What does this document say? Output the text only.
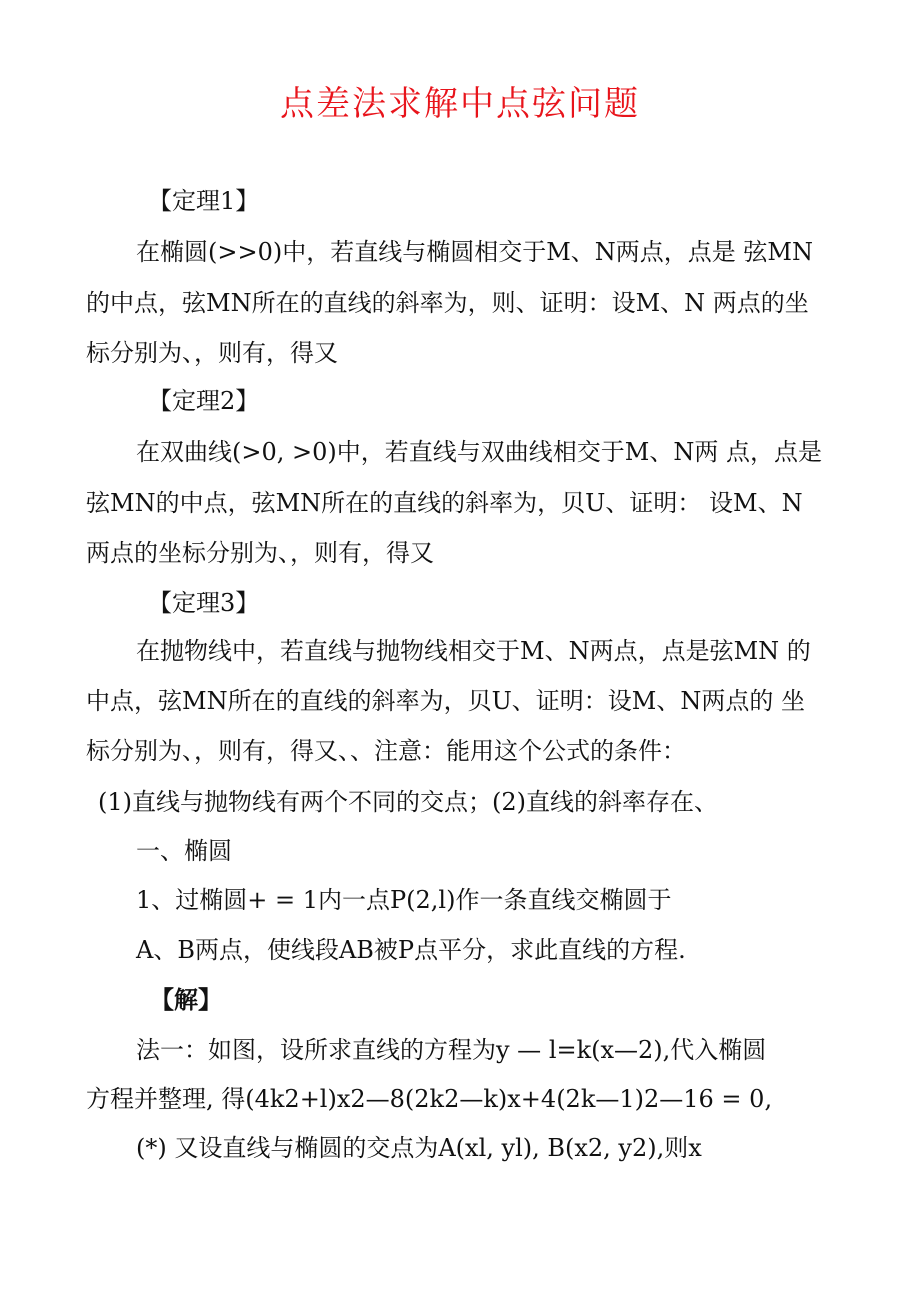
点差法求解中点弦问题
【定理1】
在椭圆(>>0)中，若直线与椭圆相交于M、N两点，点是 弦MN
的中点，弦MN所在的直线的斜率为，则、证明：设M、N 两点的坐
标分别为、，则有，得又
【定理2】
在双曲线(>0, >0)中，若直线与双曲线相交于M、N两 点，点是
弦MN的中点，弦MN所在的直线的斜率为，贝U、证明： 设M、N
两点的坐标分别为、，则有，得又
【定理3】
在抛物线中，若直线与抛物线相交于M、N两点，点是弦MN 的
中点，弦MN所在的直线的斜率为，贝U、证明：设M、N两点的 坐
标分别为、，则有，得又、、注意：能用这个公式的条件：
(1)直线与抛物线有两个不同的交点；(2)直线的斜率存在、
一、椭圆
1、过椭圆+ = 1内一点P(2,l)作一条直线交椭圆于
A、B两点，使线段AB被P点平分，求此直线的方程.
【解】
法一：如图，设所求直线的方程为y — l=k(x—2),代入椭圆
方程并整理, 得(4k2+l)x2—8(2k2—k)x+4(2k—1)2—16 = 0,
(*) 又设直线与椭圆的交点为A(xl, yl), B(x2, y2),则x
